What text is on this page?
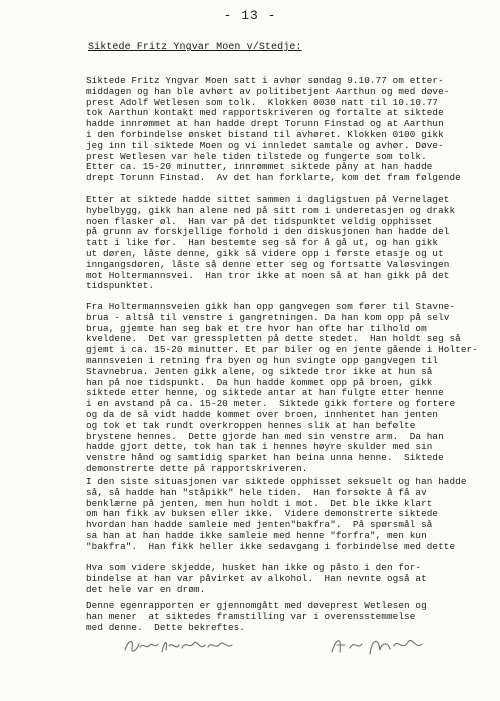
- 13 -
Siktede Fritz Yngvar Moen v/Stedje:
Siktede Fritz Yngvar Moen satt i avhør søndag 9.10.77 om etter-
middagen og han ble avhørt av politibetjent Aarthun og med døve-
prest Adolf Wetlesen som tolk.  Klokken 0030 natt til 10.10.77
tok Aarthun kontakt med rapportskriveren og fortalte at siktede
hadde innrømmet at han hadde drept Torunn Finstad og at Aarthun
i den forbindelse ønsket bistand til avhøret. Klokken 0100 gikk
jeg inn til siktede Moen og vi innledet samtale og avhør. Døve-
prest Wetlesen var hele tiden tilstede og fungerte som tolk.
Etter ca. 15-20 minutter, innrømmet siktede påny at han hadde
drept Torunn Finstad.  Av det han forklarte, kom det fram følgende
Etter at siktede hadde sittet sammen i dagligstuen på Vernelaget
hybelbygg, gikk han alene ned på sitt rom i underetasjen og drakk
noen flasker øl.  Han var på det tidspunktet veldig opphisset
på grunn av forskjellige forhold i den diskusjonen han hadde del
tatt i like før.  Han bestemte seg så for å gå ut, og han gikk
ut døren, låste denne, gikk så videre opp i første etasje og ut
inngangsdøren, låste så denne etter seg og fortsatte Valøsvingen
mot Holtermannsvei.  Han tror ikke at noen så at han gikk på det
tidspunktet.
Fra Holtermannsveien gikk han opp gangvegen som fører til Stavne-
brua - altså til venstre i gangretningen. Da han kom opp på selv
brua, gjemte han seg bak et tre hvor han ofte har tilhold om
kveldene.  Det var gresspletten på dette stedet.  Han holdt seg så
gjemt i ca. 15-20 minutter. Et par biler og en jente gående i Holter-
mannsveien i retning fra byen og hun svingte opp gangvegen til
Stavnebrua. Jenten gikk alene, og siktede tror ikke at hun så
han på noe tidspunkt.  Da hun hadde kommet opp på broen, gikk
siktede etter henne, og siktede antar at han fulgte etter henne
i en avstand på ca. 15-20 meter.  Siktede gikk fortere og fortere
og da de så vidt hadde kommet over broen, innhentet han jenten
og tok et tak rundt overkroppen hennes slik at han befølte
brystene hennes.  Dette gjorde han med sin venstre arm.  Da han
hadde gjort dette, tok han tak i hennes høyre skulder med sin
venstre hånd og samtidig sparket han beina unna henne.  Siktede
demonstrerte dette på rapportskriveren.
I den siste situasjonen var siktede opphisset seksuelt og han hadde
så, så hadde han "ståpikk" hele tiden.  Han forsøkte å få av
benklærne på jenten, men hun holdt i mot.  Det ble ikke klart
om han fikk av buksen eller ikke.  Videre demonstrerte siktede
hvordan han hadde samleie med jenten"bakfra".  På spørsmål så
sa han at han hadde ikke samleie med henne "forfra", men kun
"bakfra".  Han fikk heller ikke sedavgang i forbindelse med dette
Hva som videre skjedde, husket han ikke og påsto i den for-
bindelse at han var påvirket av alkohol.  Han nevnte også at
det hele var en drøm.
Denne egenrapporten er gjennomgått med døveprest Wetlesen og
han mener  at siktedes framstilling var i overensstemmelse
med denne.  Dette bekreftes.
